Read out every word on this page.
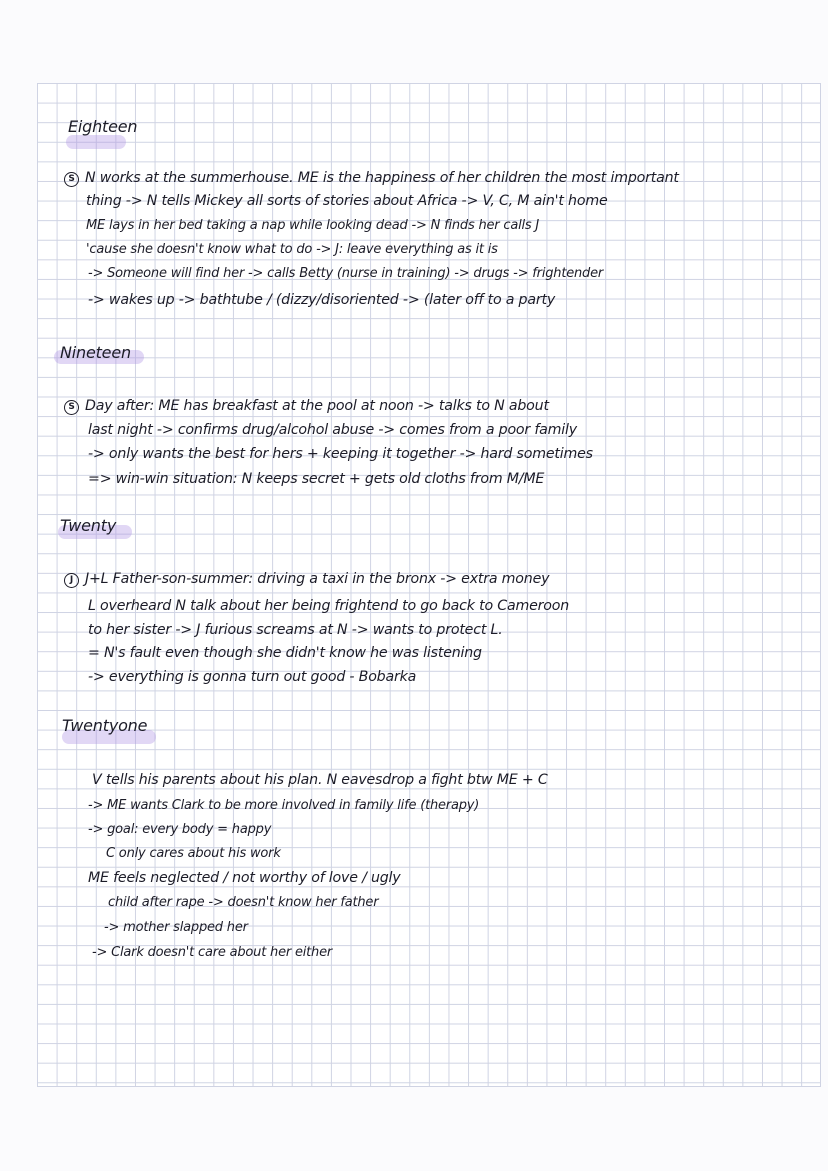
Eighteen
S N works at the summerhouse. ME is the happiness of her children the most important
thing -> N tells Mickey all sorts of stories about Africa -> V, C, M ain't home
ME lays in her bed taking a nap while looking dead -> N finds her calls J
'cause she doesn't know what to do -> J: leave everything as it is
-> Someone will find her -> calls Betty (nurse in training) -> drugs -> frightender
-> wakes up -> bathtube / (dizzy/disoriented -> (later off to a party
Nineteen
S Day after: ME has breakfast at the pool at noon -> talks to N about
last night -> confirms drug/alcohol abuse -> comes from a poor family
-> only wants the best for hers + keeping it together -> hard sometimes
=> win-win situation: N keeps secret + gets old cloths from M/ME
Twenty
J J+L Father-son-summer: driving a taxi in the bronx -> extra money
L overheard N talk about her being frightend to go back to Cameroon
to her sister -> J furious screams at N -> wants to protect L.
= N's fault even though she didn't know he was listening
-> everything is gonna turn out good - Bobarka
Twentyone
V tells his parents about his plan. N eavesdrop a fight btw ME + C
-> ME wants Clark to be more involved in family life (therapy)
-> goal: every body = happy
C only cares about his work
ME feels neglected / not worthy of love / ugly
child after rape -> doesn't know her father
-> mother slapped her
-> Clark doesn't care about her either
